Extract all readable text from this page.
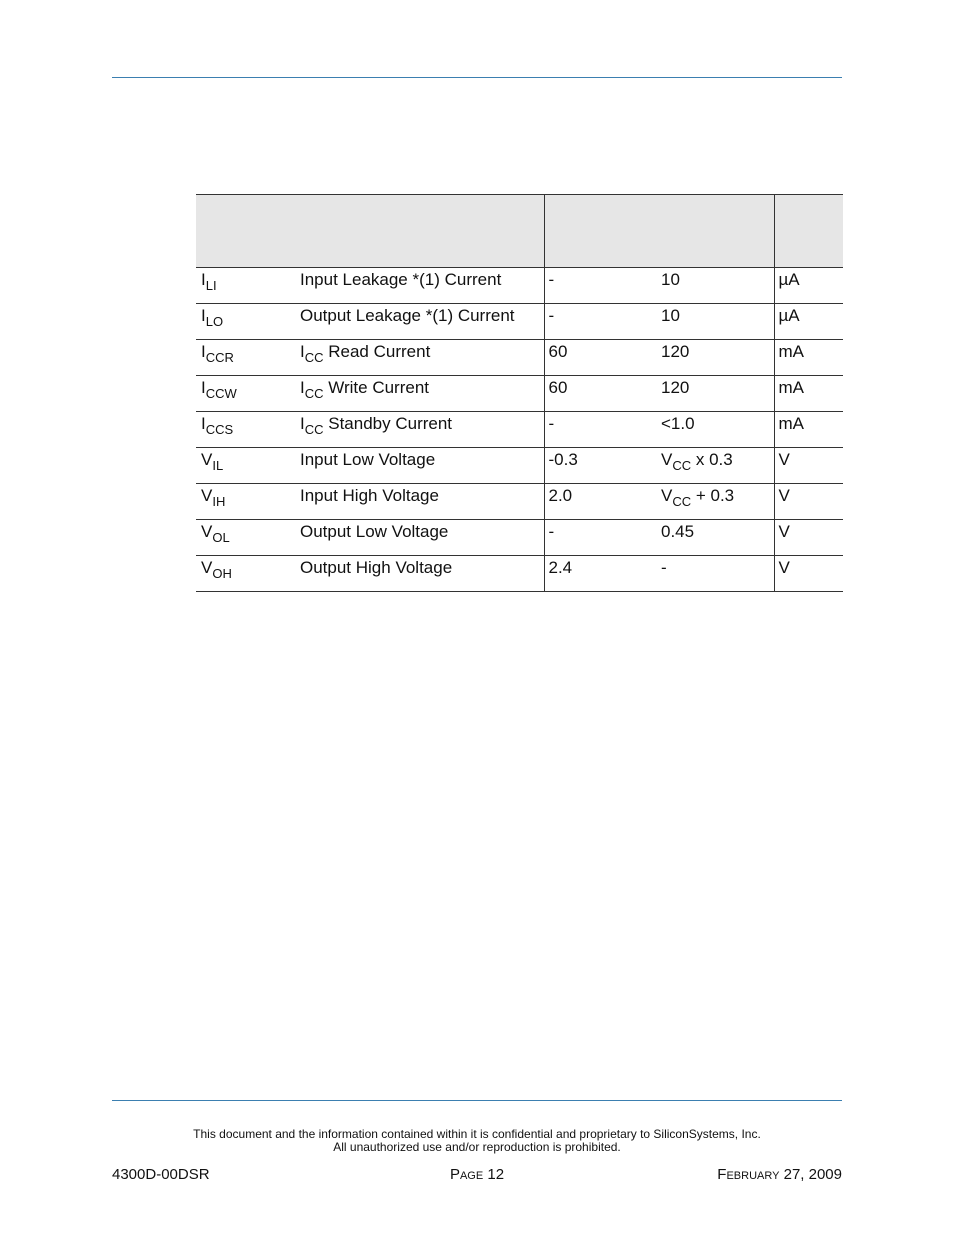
$I_{LI}$	Input Leakage *(1) Current	-	10	µA
$I_{LO}$	Output Leakage *(1) Current	-	10	µA
$I_{CCR}$	$I_{CC}$ Read Current	60	120	mA
$I_{CCW}$	$I_{CC}$ Write Current	60	120	mA
$I_{CCS}$	$I_{CC}$ Standby Current	-	<1.0	mA
$V_{IL}$	Input Low Voltage	-0.3	$V_{CC}$ x 0.3	V
$V_{IH}$	Input High Voltage	2.0	$V_{CC} + 0.3$	V
$V_{OL}$	Output Low Voltage	-	0.45	V
$V_{OH}$	Output High Voltage	2.4	-	V
This document and the information contained within it is confidential and proprietary to SiliconSystems, Inc.
All unauthorized use and/or reproduction is prohibited.
4300D-00DSR	Page 12	February 27, 2009
